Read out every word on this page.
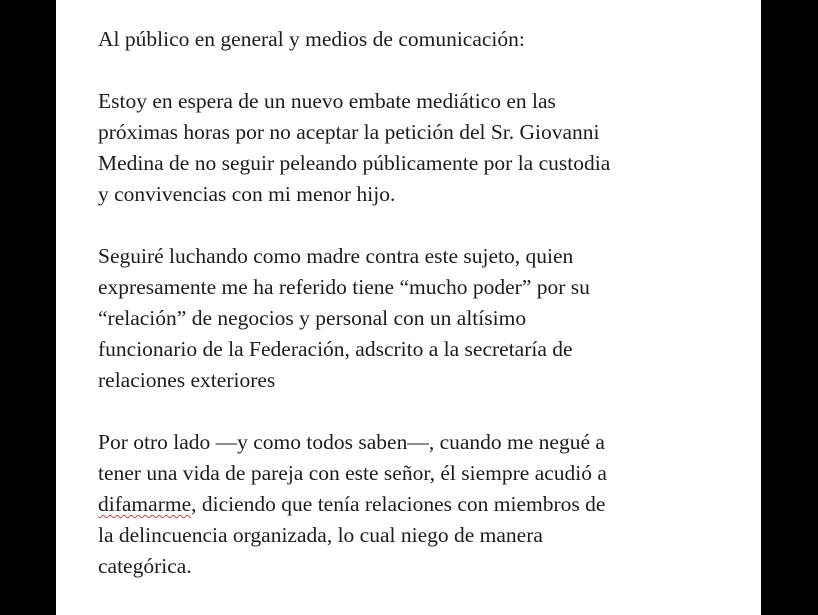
Al público en general y medios de comunicación:
Estoy en espera de un nuevo embate mediático en las
próximas horas por no aceptar la petición del Sr. Giovanni
Medina de no seguir peleando públicamente por la custodia
y convivencias con mi menor hijo.
Seguiré luchando como madre contra este sujeto, quien
expresamente me ha referido tiene “mucho poder” por su
“relación” de negocios y personal con un altísimo
funcionario de la Federación, adscrito a la secretaría de
relaciones exteriores
Por otro lado —y como todos saben—, cuando me negué a
tener una vida de pareja con este señor, él siempre acudió a
difamarme, diciendo que tenía relaciones con miembros de
la delincuencia organizada, lo cual niego de manera
categórica.
